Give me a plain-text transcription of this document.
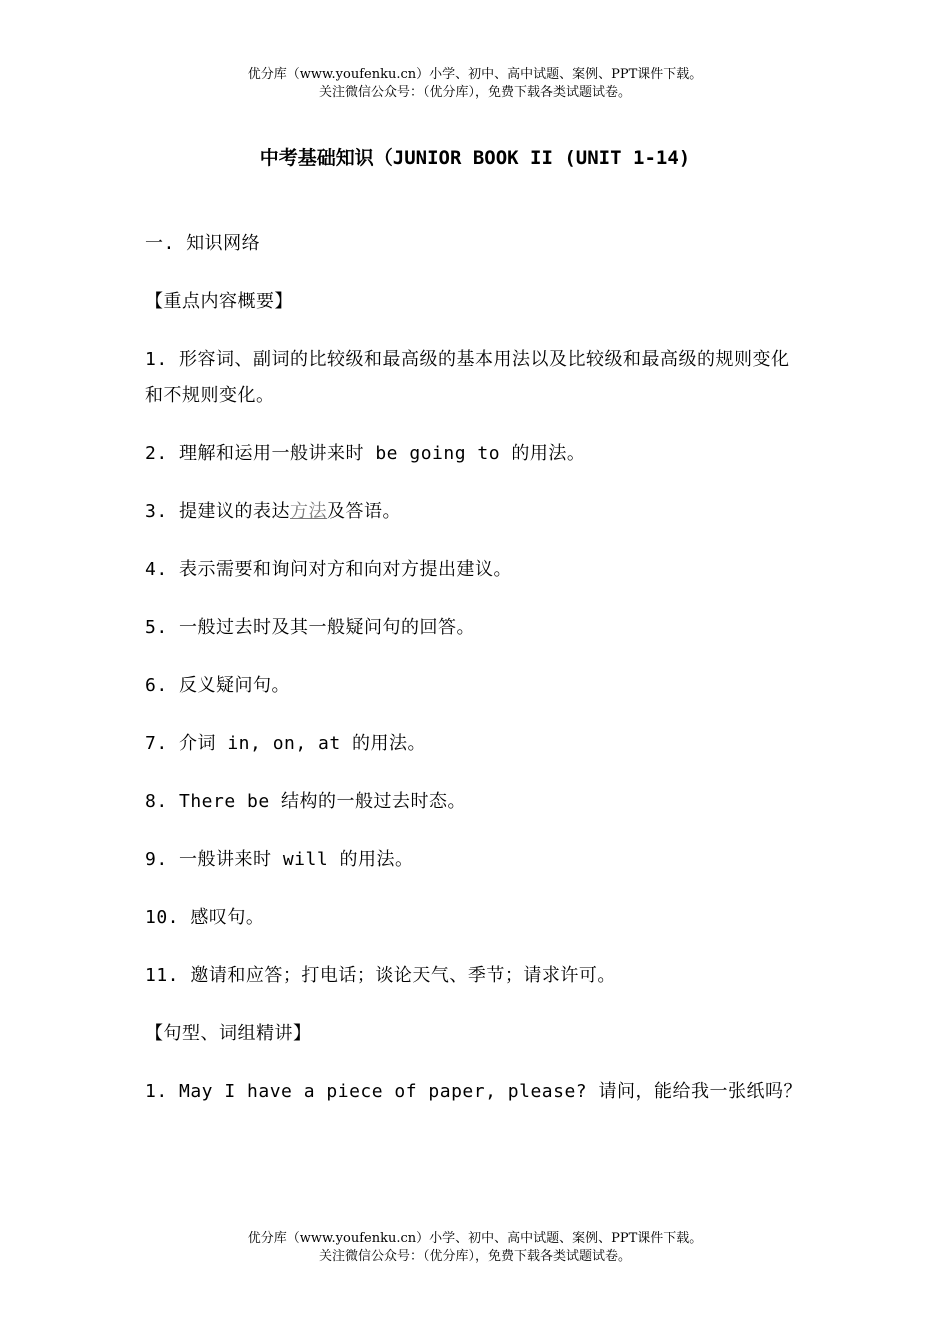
优分库（www.youfenku.cn）小学、初中、高中试题、案例、PPT课件下载。
关注微信公众号：（优分库），免费下载各类试题试卷。
中考基础知识（JUNIOR BOOK II (UNIT 1-14)

一. 知识网络

【重点内容概要】

1. 形容词、副词的比较级和最高级的基本用法以及比较级和最高级的规则变化和不规则变化。

2. 理解和运用一般讲来时 be going to 的用法。

3. 提建议的表达方法及答语。

4. 表示需要和询问对方和向对方提出建议。

5. 一般过去时及其一般疑问句的回答。

6. 反义疑问句。

7. 介词 in, on, at 的用法。

8. There be 结构的一般过去时态。

9. 一般讲来时 will 的用法。

10. 感叹句。

11. 邀请和应答；打电话；谈论天气、季节；请求许可。

【句型、词组精讲】

1. May I have a piece of paper, please? 请问，能给我一张纸吗？

优分库（www.youfenku.cn）小学、初中、高中试题、案例、PPT课件下载。
关注微信公众号：（优分库），免费下载各类试题试卷。
